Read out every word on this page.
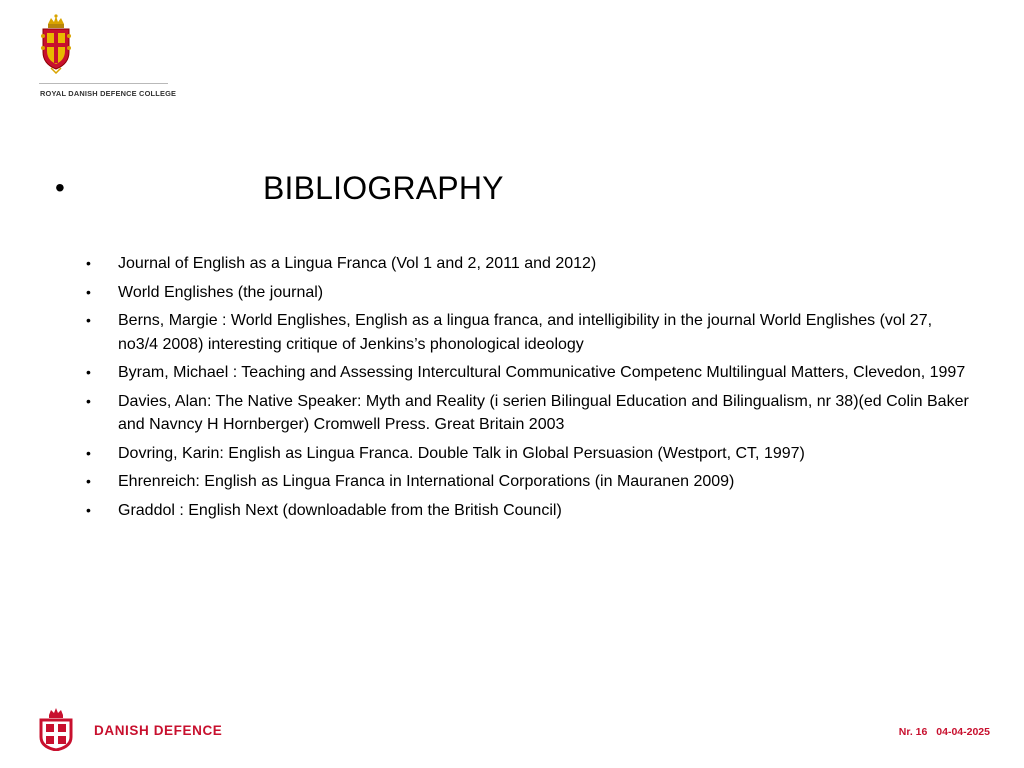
ROYAL DANISH DEFENCE COLLEGE
•	BIBLIOGRAPHY
• Journal of English as a Lingua Franca (Vol 1 and 2, 2011 and 2012)
• World Englishes (the journal)
• Berns, Margie : World Englishes, English as a lingua franca, and intelligibility in the journal World Englishes (vol 27, no3/4 2008) interesting critique of Jenkins’s phonological ideology
• Byram, Michael : Teaching and Assessing Intercultural Communicative Competenc Multilingual Matters, Clevedon, 1997
• Davies, Alan: The Native Speaker: Myth and Reality (i serien Bilingual Education and Bilingualism, nr 38)(ed Colin Baker and Navncy H Hornberger) Cromwell Press. Great Britain 2003
• Dovring, Karin: English as Lingua Franca. Double Talk in Global Persuasion (Westport, CT, 1997)
• Ehrenreich: English as Lingua Franca in International Corporations (in Mauranen 2009)
• Graddol : English Next (downloadable from the British Council)
DANISH DEFENCE	Nr. 16 04-04-2025
